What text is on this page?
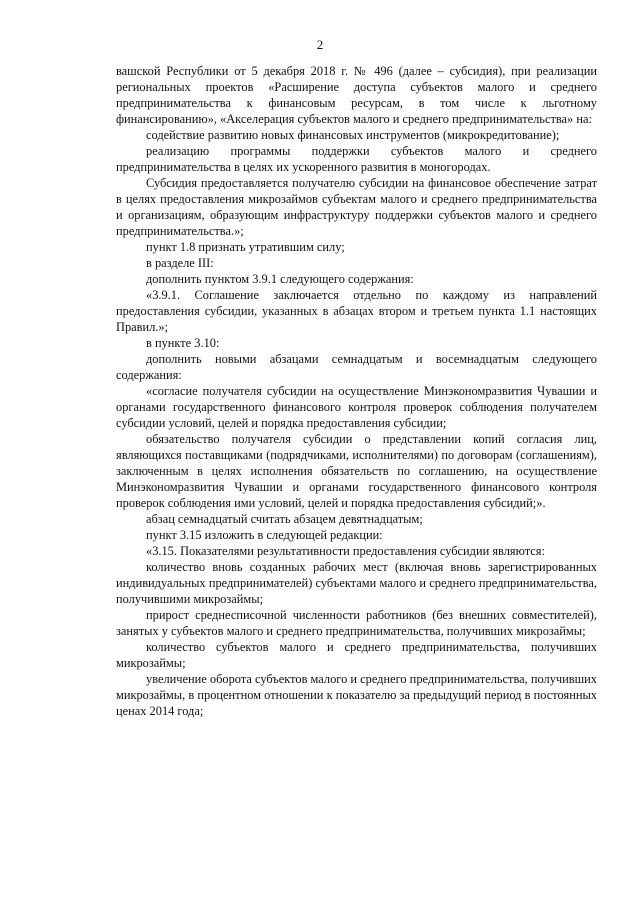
2

вашской Республики от 5 декабря 2018 г. № 496 (далее – субсидия), при реализации региональных проектов «Расширение доступа субъектов малого и среднего предпринимательства к финансовым ресурсам, в том числе к льготному финансированию», «Акселерация субъектов малого и среднего предпринимательства» на:

содействие развитию новых финансовых инструментов (микрокредитование);

реализацию программы поддержки субъектов малого и среднего предпринимательства в целях их ускоренного развития в моногородах.

Субсидия предоставляется получателю субсидии на финансовое обеспечение затрат в целях предоставления микрозаймов субъектам малого и среднего предпринимательства и организациям, образующим инфраструктуру поддержки субъектов малого и среднего предпринимательства.»;

пункт 1.8 признать утратившим силу;

в разделе III:

дополнить пунктом 3.9.1 следующего содержания:

«3.9.1. Соглашение заключается отдельно по каждому из направлений предоставления субсидии, указанных в абзацах втором и третьем пункта 1.1 настоящих Правил.»;

в пункте 3.10:

дополнить новыми абзацами семнадцатым и восемнадцатым следующего содержания:

«согласие получателя субсидии на осуществление Минэкономразвития Чувашии и органами государственного финансового контроля проверок соблюдения получателем субсидии условий, целей и порядка предоставления субсидии;

обязательство получателя субсидии о представлении копий согласия лиц, являющихся поставщиками (подрядчиками, исполнителями) по договорам (соглашениям), заключенным в целях исполнения обязательств по соглашению, на осуществление Минэкономразвития Чувашии и органами государственного финансового контроля проверок соблюдения ими условий, целей и порядка предоставления субсидий;».

абзац семнадцатый считать абзацем девятнадцатым;

пункт 3.15 изложить в следующей редакции:

«3.15. Показателями результативности предоставления субсидии являются:

количество вновь созданных рабочих мест (включая вновь зарегистрированных индивидуальных предпринимателей) субъектами малого и среднего предпринимательства, получившими микрозаймы;

прирост среднесписочной численности работников (без внешних совместителей), занятых у субъектов малого и среднего предпринимательства, получивших микрозаймы;

количество субъектов малого и среднего предпринимательства, получивших микрозаймы;

увеличение оборота субъектов малого и среднего предпринимательства, получивших микрозаймы, в процентном отношении к показателю за предыдущий период в постоянных ценах 2014 года;
